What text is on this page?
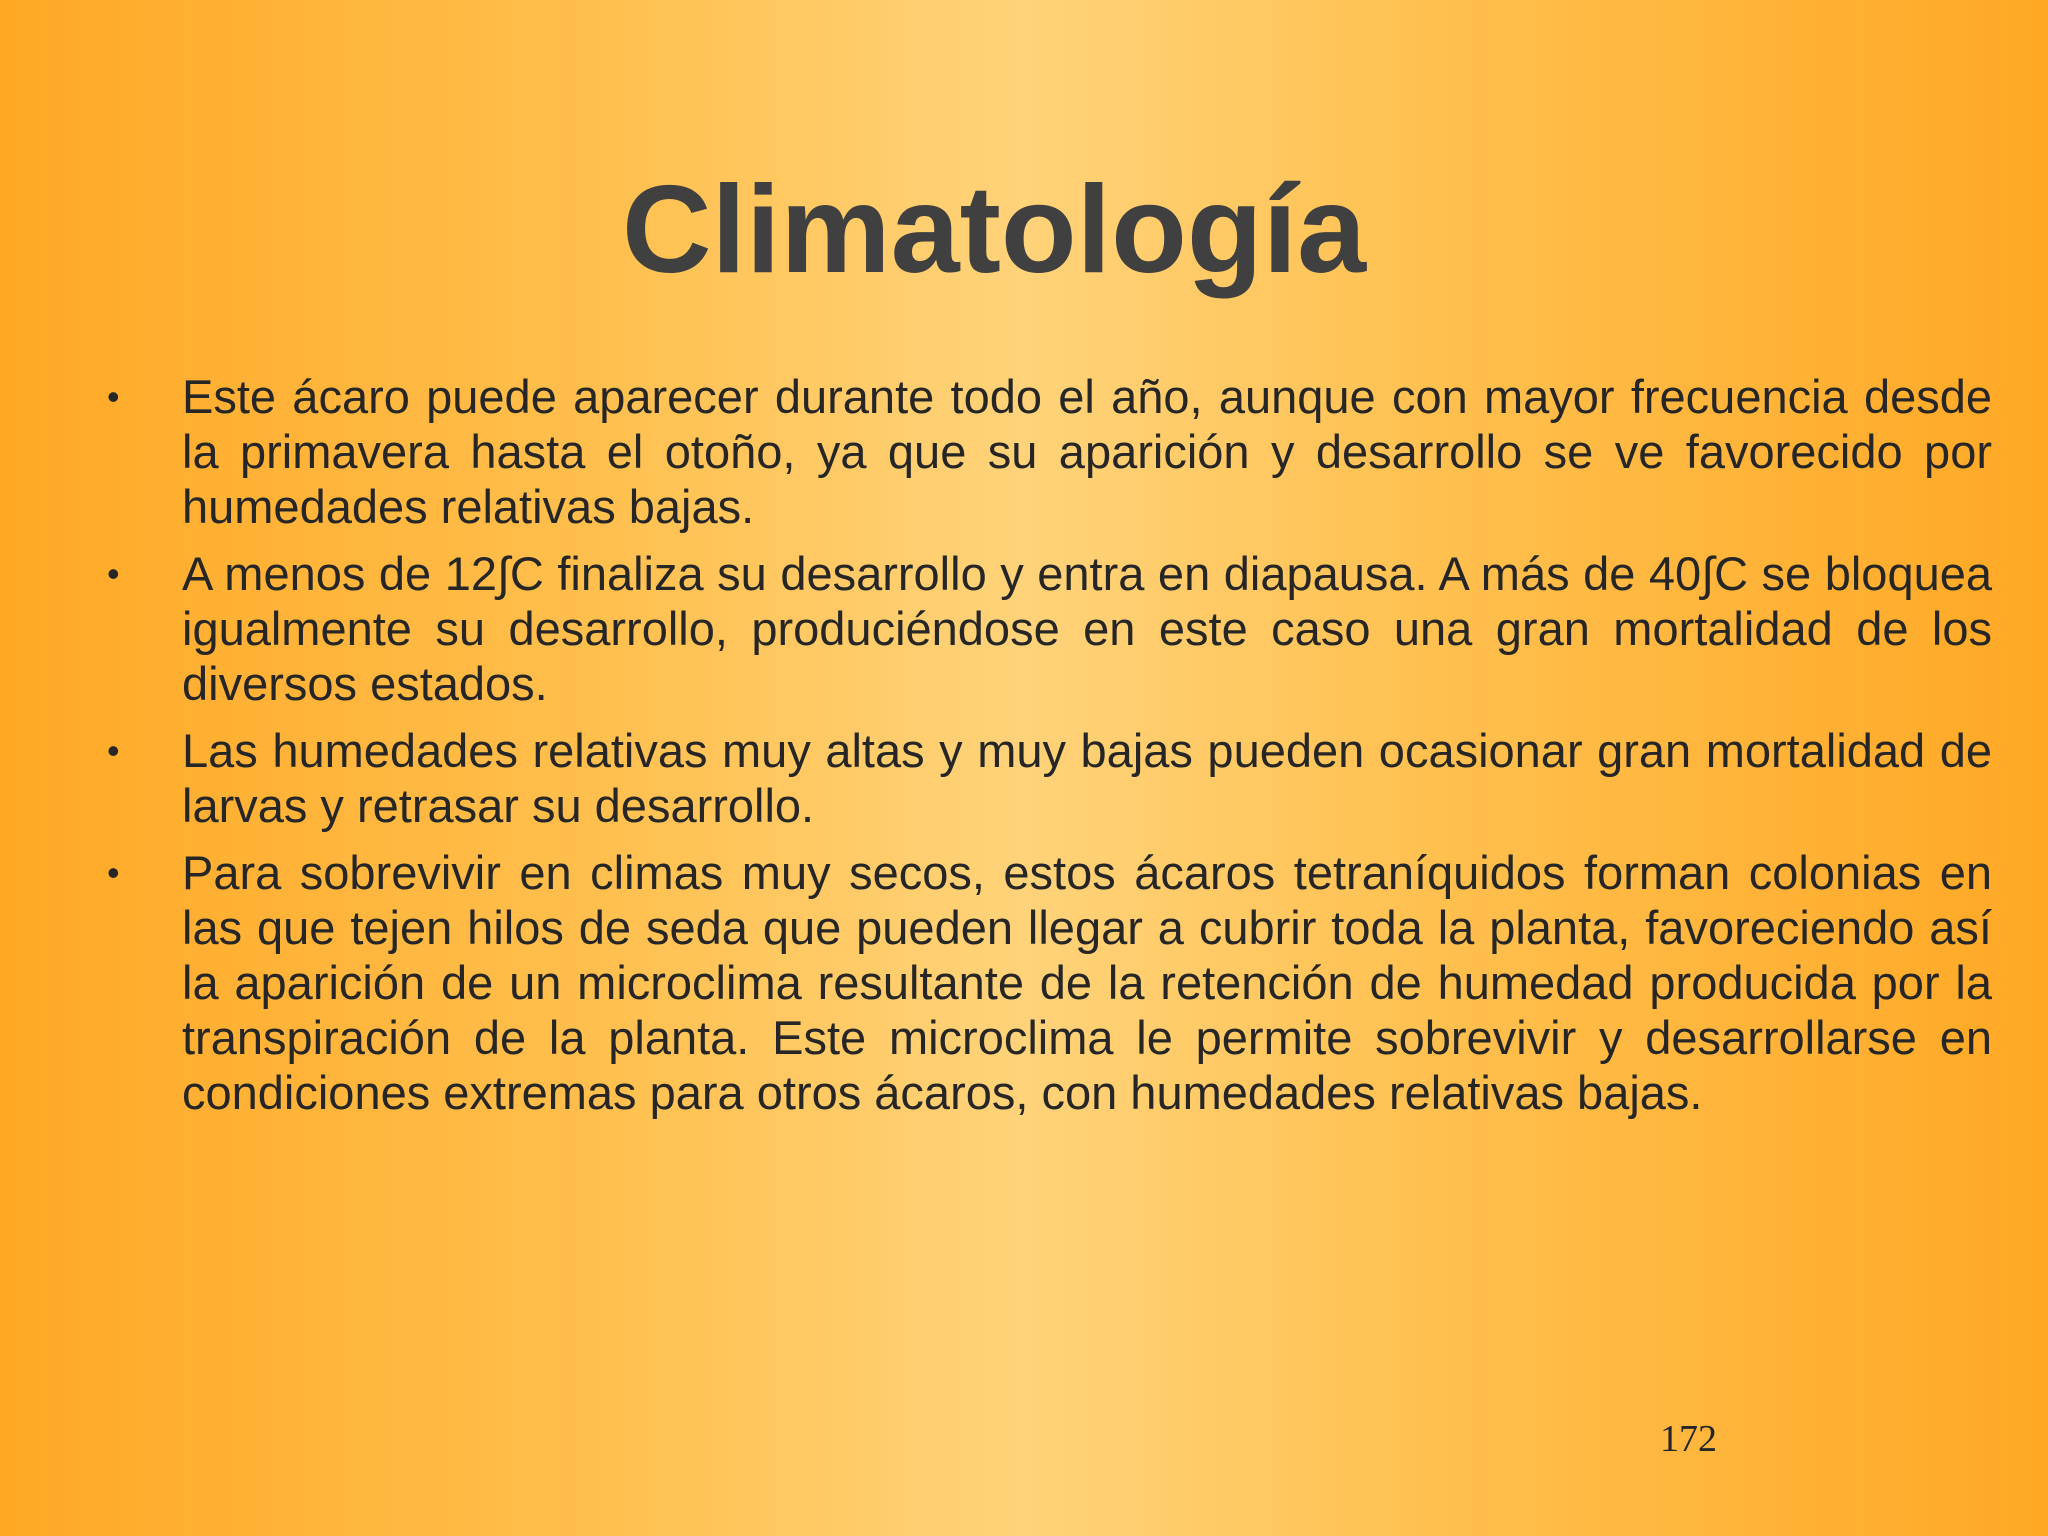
Climatología
• Este ácaro puede aparecer durante todo el año, aunque con mayor frecuencia desde la primavera hasta el otoño, ya que su aparición y desarrollo se ve favorecido por humedades relativas bajas.
• A menos de 12∫C finaliza su desarrollo y entra en diapausa. A más de 40∫C se bloquea igualmente su desarrollo, produciéndose en este caso una gran mortalidad de los diversos estados.
• Las humedades relativas muy altas y muy bajas pueden ocasionar gran mortalidad de larvas y retrasar su desarrollo.
• Para sobrevivir en climas muy secos, estos ácaros tetraníquidos forman colonias en las que tejen hilos de seda que pueden llegar a cubrir toda la planta, favoreciendo así la aparición de un microclima resultante de la retención de humedad producida por la transpiración de la planta. Este microclima le permite sobrevivir y desarrollarse en condiciones extremas para otros ácaros, con humedades relativas bajas.
172
